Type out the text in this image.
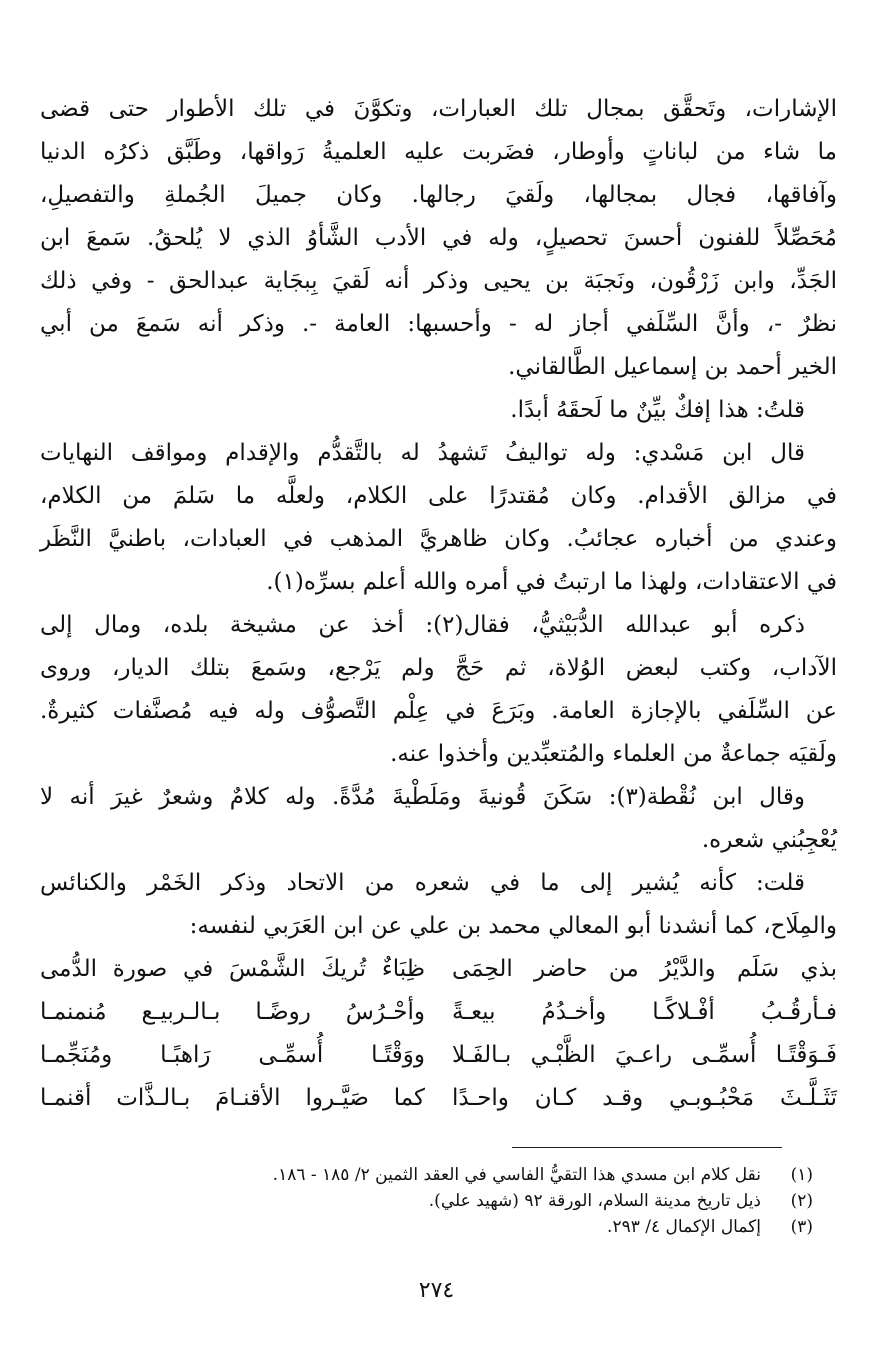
الإشارات، وتَحقَّق بمجال تلك العبارات، وتكوَّنَ في تلك الأطوار حتى قضى
ما شاء من لباناتٍ وأوطار، فضَربت عليه العلميةُ رَواقها، وطَبَّق ذكرُه الدنيا
وآفاقها، فجال بمجالها، ولَقيَ رجالها. وكان جميلَ الجُملةِ والتفصيلِ،
مُحَصِّلاً للفنون أحسنَ تحصيلٍ، وله في الأدب الشَّأوُ الذي لا يُلحقُ. سَمعَ ابن
الجَدِّ، وابن زَرْقُون، ونَجبَة بن يحيى وذكر أنه لَقيَ بِبجَاية عبدالحق - وفي ذلك
نظرٌ -، وأنَّ السِّلَفي أجاز له - وأحسبها: العامة -. وذكر أنه سَمعَ من أبي
الخير أحمد بن إسماعيل الطَّالقاني.
قلتُ: هذا إفكٌ بيِّنٌ ما لَحقَهُ أبدًا.
قال ابن مَسْدي: وله تواليفُ تَشهدُ له بالتَّقدُّم والإقدام ومواقف النهايات
في مزالق الأقدام. وكان مُقتدرًا على الكلام، ولعلَّه ما سَلمَ من الكلام،
وعندي من أخباره عجائبُ. وكان ظاهريَّ المذهب في العبادات، باطنيَّ النَّظَر
في الاعتقادات، ولهذا ما ارتبتُ في أمره والله أعلم بسرِّه(١).
ذكره أبو عبدالله الدُّبَيْثيُّ، فقال(٢): أخذ عن مشيخة بلده، ومال إلى
الآداب، وكتب لبعض الوُلاة، ثم حَجَّ ولم يَرْجع، وسَمعَ بتلك الديار، وروى
عن السِّلَفي بالإجازة العامة. وبَرَعَ في عِلْم التَّصوُّف وله فيه مُصنَّفات كثيرةٌ.
ولَقيَه جماعةٌ من العلماء والمُتعبِّدين وأخذوا عنه.
وقال ابن نُقْطة(٣): سَكَنَ قُونيةَ ومَلَطْيةَ مُدَّةً. وله كلامٌ وشعرٌ غيرَ أنه لا
يُعْجِبُني شعره.
قلت: كأنه يُشير إلى ما في شعره من الاتحاد وذكر الخَمْر والكنائس
والمِلَاح، كما أنشدنا أبو المعالي محمد بن علي عن ابن العَرَبي لنفسه:
بذي سَلَم والدَّيْرُ من حاضر الحِمَى
ظِبَاءٌ تُريكَ الشَّمْسَ في صورة الدُّمى
فـأرقُـبُ أفْـلاكًـا وأخـدُمُ بيعـةً
وأحْـرُسُ روضًـا بـالـربيـع مُنمنمـا
فَـوَقْتًـا أُسمِّـى راعـيَ الظَّبْـي بـالفَـلا
ووَقْتًـا أُسمِّـى رَاهبًـا ومُنَجِّمـا
تَثَـلَّـثَ مَحْبُـوبـي وقـد كـان واحـدًا
كما صَيَّـروا الأقنـامَ بـالـذَّات أقنمـا
(١)نقل كلام ابن مسدي هذا التقيُّ الفاسي في العقد الثمين ٢/ ١٨٥ - ١٨٦.
(٢)ذيل تاريخ مدينة السلام، الورقة ٩٢ (شهيد علي).
(٣)إكمال الإكمال ٤/ ٢٩٣.
٢٧٤
